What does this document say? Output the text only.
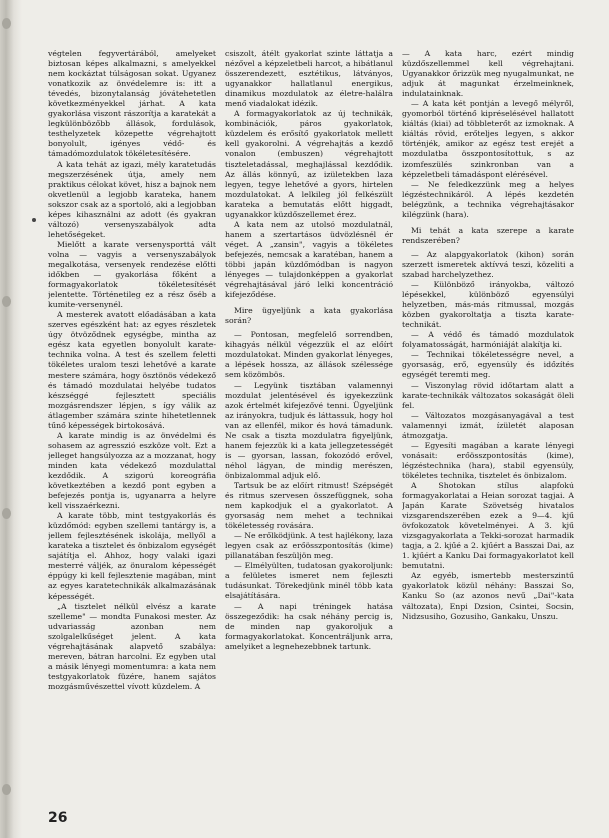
végtelen fegyvertárából, amelyeket biztosan képes alkalmazni, s amelyekkel nem kockáztat túlságosan sokat. Ugyanez vonatkozik az önvédelemre is: itt a tévedés, bizonytalanság jóvátehetetlen következményekkel járhat. A kata gyakorlása viszont rászorítja a karatekát a legkülönbözőbb állások, fordulások, testhelyzetek közepette végrehajtott bonyolult, igényes védő- és támadómozdulatok tökéletesítésére.

A kata tehát az igazi, mély karatetudás megszerzésének útja, amely nem praktikus célokat követ, hisz a bajnok nem okvetlenül a legjobb karateka, hanem sokszor csak az a sportoló, aki a legjobban képes kihasználni az adott (és gyakran változó) versenyszabályok adta lehetőségeket.

Mielőtt a karate versenysporttá vált volna — vagyis a versenyszabályok megalkotása, versenyek rendezése előtti időkben — gyakorlása főként a formagyakorlatok tökéletesítését jelentette. Történetileg ez a rész őséb a kumite-versenynél.

A mesterek avatott előadásában a kata szerves egészként hat: az egyes részletek úgy ötvöződnek egységbe, mintha az egész kata egyetlen bonyolult karate-technika volna. A test és szellem feletti tökéletes uralom teszi lehetővé a karate mestere számára, hogy ösztönös védekező és támadó mozdulatai helyébe tudatos készséggé fejlesztett speciális mozgásrendszer lépjen, s így válik az átlagember számára szinte hihetetlennek tűnő képességek birtokosává.

A karate mindig is az önvédelmi és sohasem az agresszió eszköze volt. Ezt a jelleget hangsúlyozza az a mozzanat, hogy minden kata védekező mozdulattal kezdődik. A szigorú koreográfia következtében a kezdő pont egyben a befejezés pontja is, ugyanarra a helyre kell visszaérkezni.

A karate több, mint testgyakorlás és küzdőmód: egyben szellemi tantárgy is, a jellem fejlesztésének iskolája, mellyől a karateka a tisztelet és önbizalom egységét sajátítja el. Ahhoz, hogy valaki igazi mesterré váljék, az önuralom képességét éppúgy ki kell fejlesztenie magában, mint az egyes karatetechnikák alkalmazásának képességét.

„A tisztelet nélkül elvész a karate szelleme" — mondta Funakosi mester. Az udvariasság azonban nem szolgalelkűséget jelent. A kata végrehajtásának alapvető szabálya: mereven, bátran harcolni. Ez egyben utal a másik lényegi momentumra: a kata nem testgyakorlatok füzére, hanem sajátos mozgásművészettel vívott küzdelem. A

csiszolt, átélt gyakorlat szinte láttatja a nézővel a képzeletbeli harcot, a hibátlanul összerendezett, esztétikus, látványos, ugyanakkor hallatlanul energikus, dinamikus mozdulatok az életre-halálra menő viadalokat idézik.

A formagyakorlatok az új technikák, kombinációk, páros gyakorlatok, küzdelem és erősítő gyakorlatok mellett kell gyakorolni. A végrehajtás a kezdő vonalon (embuszen) végrehajtott tiszteletadással, meghajlással kezdődik. Az állás könnyű, az izületekben laza legyen, tegye lehetővé a gyors, hirtelen mozdulatokat. A lelkileg jól felkészült karateka a bemutatás előtt higgadt, ugyanakkor küzdőszellemet érez.

A kata nem az utolsó mozdulatnál, hanem a szertartásos üdvözlésnél ér véget. A „zansin", vagyis a tökéletes befejezés, nemcsak a karatéban, hanem a többi japán küzdőmódban is nagyon lényeges — tulajdonképpen a gyakorlat végrehajtásával járó lelki koncentráció kifejeződése.

Mire ügyeljünk a kata gyakorlása során?

— Pontosan, megfelelő sorrendben, kihagyás nélkül végezzük el az előírt mozdulatokat. Minden gyakorlat lényeges, a lépések hossza, az állások szélessége sem közömbös.

— Legyünk tisztában valamennyi mozdulat jelentésével és igyekezzünk azok értelmét kifejezővé tenni. Ügyeljünk az irányokra, tudjuk és láttassuk, hogy hol van az ellenfél, mikor és hová támadunk. Ne csak a tiszta mozdulatra figyeljünk, hanem fejezzük ki a kata jellegzetességét is — gyorsan, lassan, fokozódó erővel, néhol lágyan, de mindig merészen, önbizalommal adjuk elő.

Tartsuk be az előírt ritmust! Szépségét és ritmus szervesen összefüggnek, soha nem kapkodjuk el a gyakorlatot. A gyorsaság nem mehet a technikai tökéletesség rovására.

— Ne erőlködjünk. A test hajlékony, laza legyen csak az erőösszpontosítás (kime) pillanatában feszüljön meg.

— Elmélyülten, tudatosan gyakoroljunk: a felületes ismeret nem fejleszti tudásunkat. Törekedjünk minél több kata elsajátítására.

— A napi tréningek hatása összegeződik: ha csak néhány percig is, de minden nap gyakoroljuk a formagyakorlatokat. Koncentráljunk arra, amelyiket a legnehezebbnek tartunk.

— A kata harc, ezért mindig küzdőszellemmel kell végrehajtani. Ugyanakkor őrizzük meg nyugalmunkat, ne adjuk át magunkat érzelmeinknek, indulatainknak.

— A kata két pontján a levegő mélyről, gyomorból történő kipréselésével hallatott kiáltás (kiai) ad többleterőt az izmoknak. A kiáltás rövid, erőteljes legyen, s akkor történjék, amikor az egész test erejét a mozdulatba összpontosítottuk, s az izomfeszülés szinkronban van a képzeletbeli támadáspont elérésével.

— Ne feledkezzünk meg a helyes légzéstechnikáról. A lépés kezdetén belégzünk, a technika végrehajtásakor kilégzünk (hara).

Mi tehát a kata szerepe a karate rendszerében?

— Az alapgyakorlatok (kihon) során szerzett ismeretek aktívvá teszi, közeliti a szabad harchelyzethez.

— Különböző irányokba, változó lépésekkel, különböző egyensúlyi helyzetben, más-más ritmussal, mozgás közben gyakoroltatja a tiszta karate-technikát.

— A védő és támadó mozdulatok folyamatosságát, harmóniáját alakítja ki.

— Technikai tökéletességre nevel, a gyorsaság, erő, egyensúly és időzítés egységét teremti meg.

— Viszonylag rövid időtartam alatt a karate-technikák változatos sokaságát öleli fel.

— Változatos mozgásanyagával a test valamennyi izmát, ízületét alaposan átmozgatja.

— Egyesíti magában a karate lényegi vonásait: erőösszpontosítás (kime), légzéstechnika (hara), stabil egyensúly, tökéletes technika, tisztelet és önbizalom.

A Shotokan stílus alapfokú formagyakorlatai a Heian sorozat tagjai. A Japán Karate Szövetség hivatalos vizsgarendszerében ezek a 9—4. kjű övfokozatok követelményei. A 3. kjű vizsgagyakorlata a Tekki-sorozat harmadik tagja, a 2. kjűé a 2. kjűért a Basszai Dai, az 1. kjűért a Kanku Dai formagyakorlatot kell bemutatni.

Az egyéb, ismertebb mesterszintű gyakorlatok közül néhány: Basszai So, Kanku So (az azonos nevű „Dai"-kata változata), Enpi Dzsion, Csintei, Socsin, Nidzsusiho, Gozusiho, Gankaku, Unszu.

26
